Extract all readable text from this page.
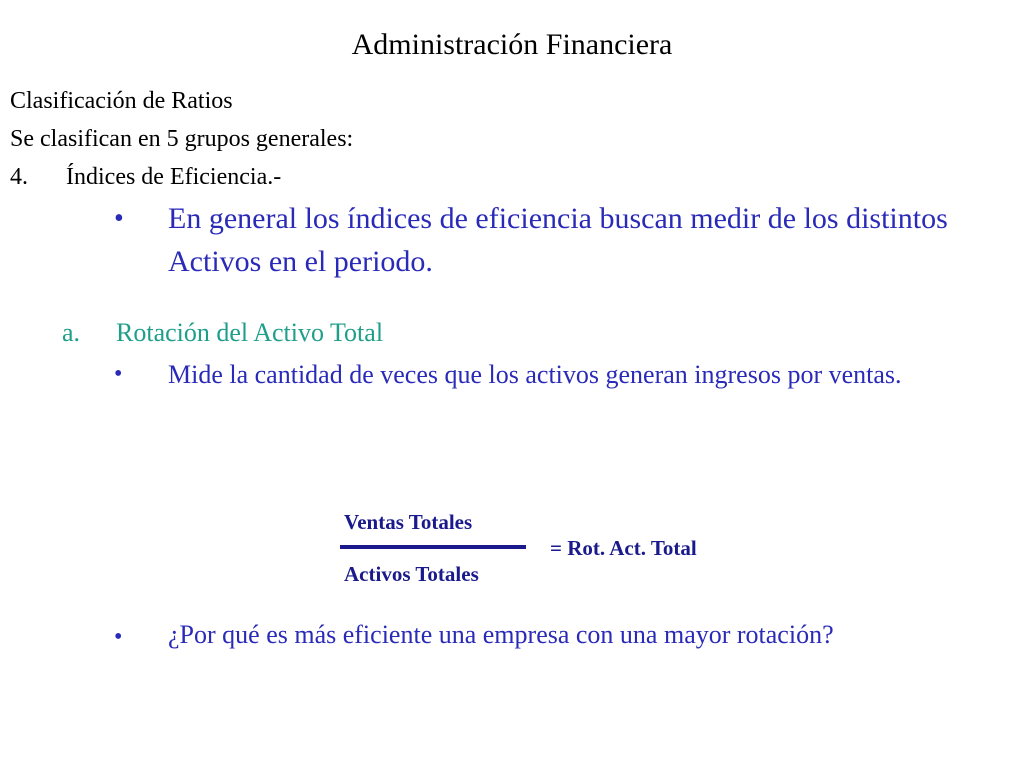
Administración Financiera
Clasificación de Ratios
Se clasifican en 5 grupos generales:
4. Índices de Eficiencia.-
• En general los índices de eficiencia buscan medir de los distintos Activos en el periodo.
a. Rotación del Activo Total
• Mide la cantidad de veces que los activos generan ingresos por ventas.
Ventas Totales
Activos Totales
= Rot. Act. Total
• ¿Por qué es más eficiente una empresa con una mayor rotación?
